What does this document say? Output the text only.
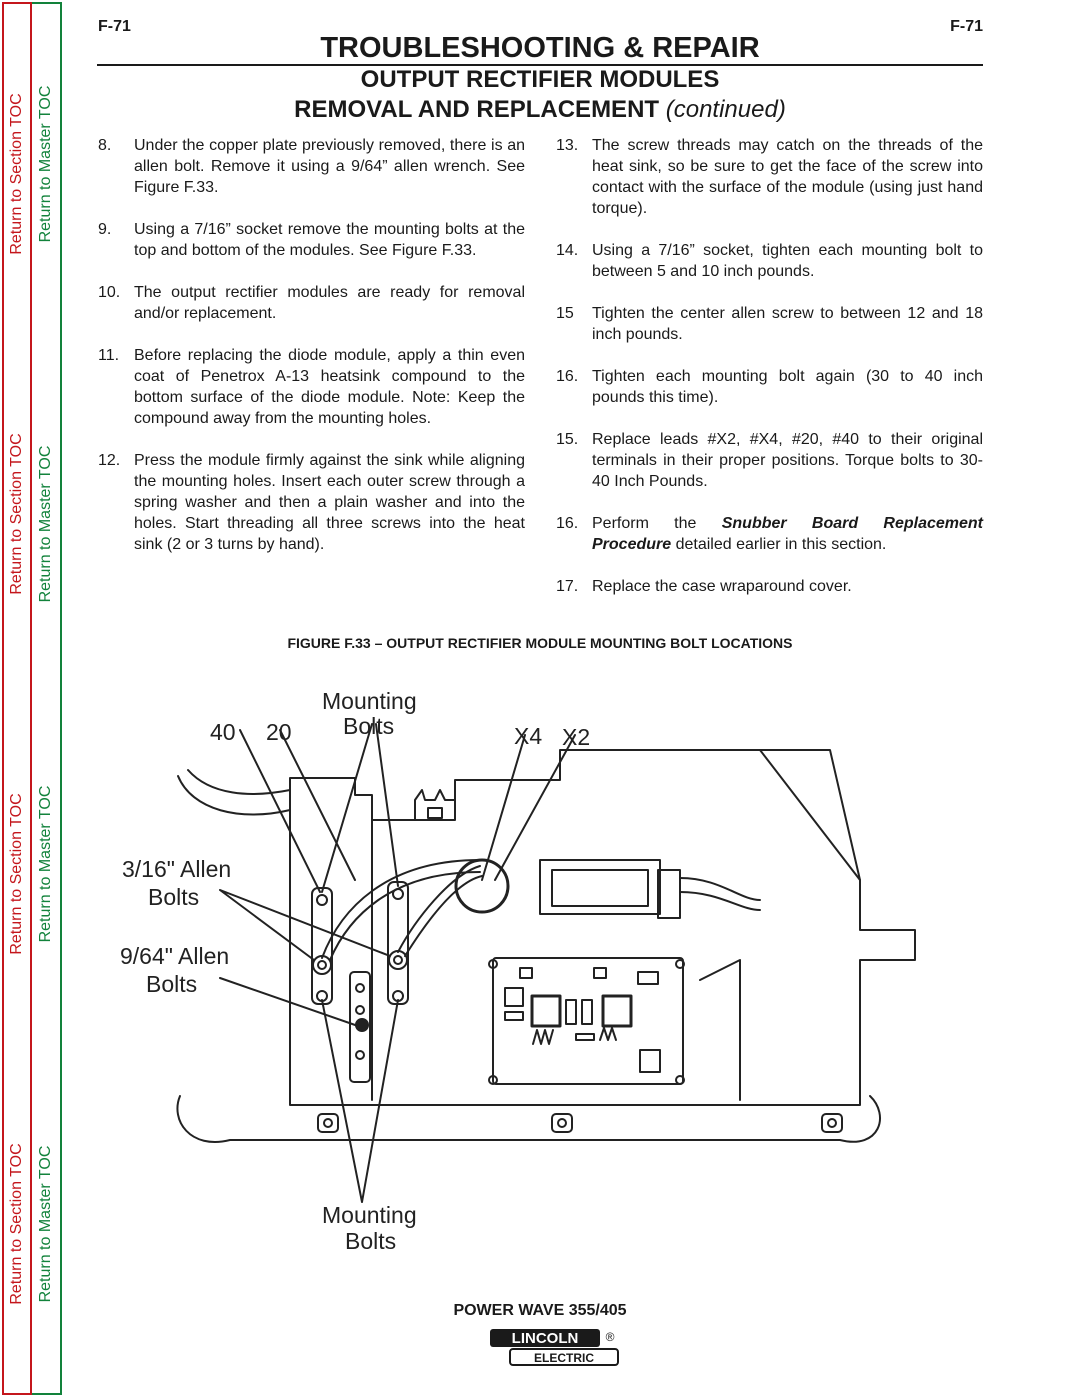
Return to Section TOC
Return to Section TOC
Return to Section TOC
Return to Section TOC
Return to Master TOC
Return to Master TOC
Return to Master TOC
Return to Master TOC
F-71	F-71
TROUBLESHOOTING & REPAIR
OUTPUT RECTIFIER MODULES
REMOVAL AND REPLACEMENT (continued)
8.	Under the copper plate previously removed, there is an allen bolt. Remove it using a 9/64” allen wrench. See Figure F.33.
9.	Using a 7/16” socket remove the mounting bolts at the top and bottom of the modules. See Figure F.33.
10. The output rectifier modules are ready for removal and/or replacement.
11. Before replacing the diode module, apply a thin even coat of Penetrox A-13 heatsink compound to the bottom surface of the diode module. Note: Keep the compound away from the mounting holes.
12. Press the module firmly against the sink while aligning the mounting holes. Insert each outer screw through a spring washer and then a plain washer and into the holes. Start threading all three screws into the heat sink (2 or 3 turns by hand).
13. The screw threads may catch on the threads of the heat sink, so be sure to get the face of the screw into contact with the surface of the module (using just hand torque).
14. Using a 7/16” socket, tighten each mounting bolt to between 5 and 10 inch pounds.
15	Tighten the center allen screw to between 12 and 18 inch pounds.
16. Tighten each mounting bolt again (30 to 40 inch pounds this time).
15. Replace leads #X2, #X4, #20, #40 to their original terminals in their proper positions. Torque bolts to 30-40 Inch Pounds.
16. Perform the Snubber Board Replacement Procedure detailed earlier in this section.
17. Replace the case wraparound cover.
FIGURE F.33 – OUTPUT RECTIFIER MODULE MOUNTING BOLT LOCATIONS
Mounting
Bolts
40 20	X4 X2
3/16" Allen
Bolts
9/64" Allen
Bolts
Mounting
Bolts
POWER WAVE 355/405
LINCOLN ®
ELECTRIC
